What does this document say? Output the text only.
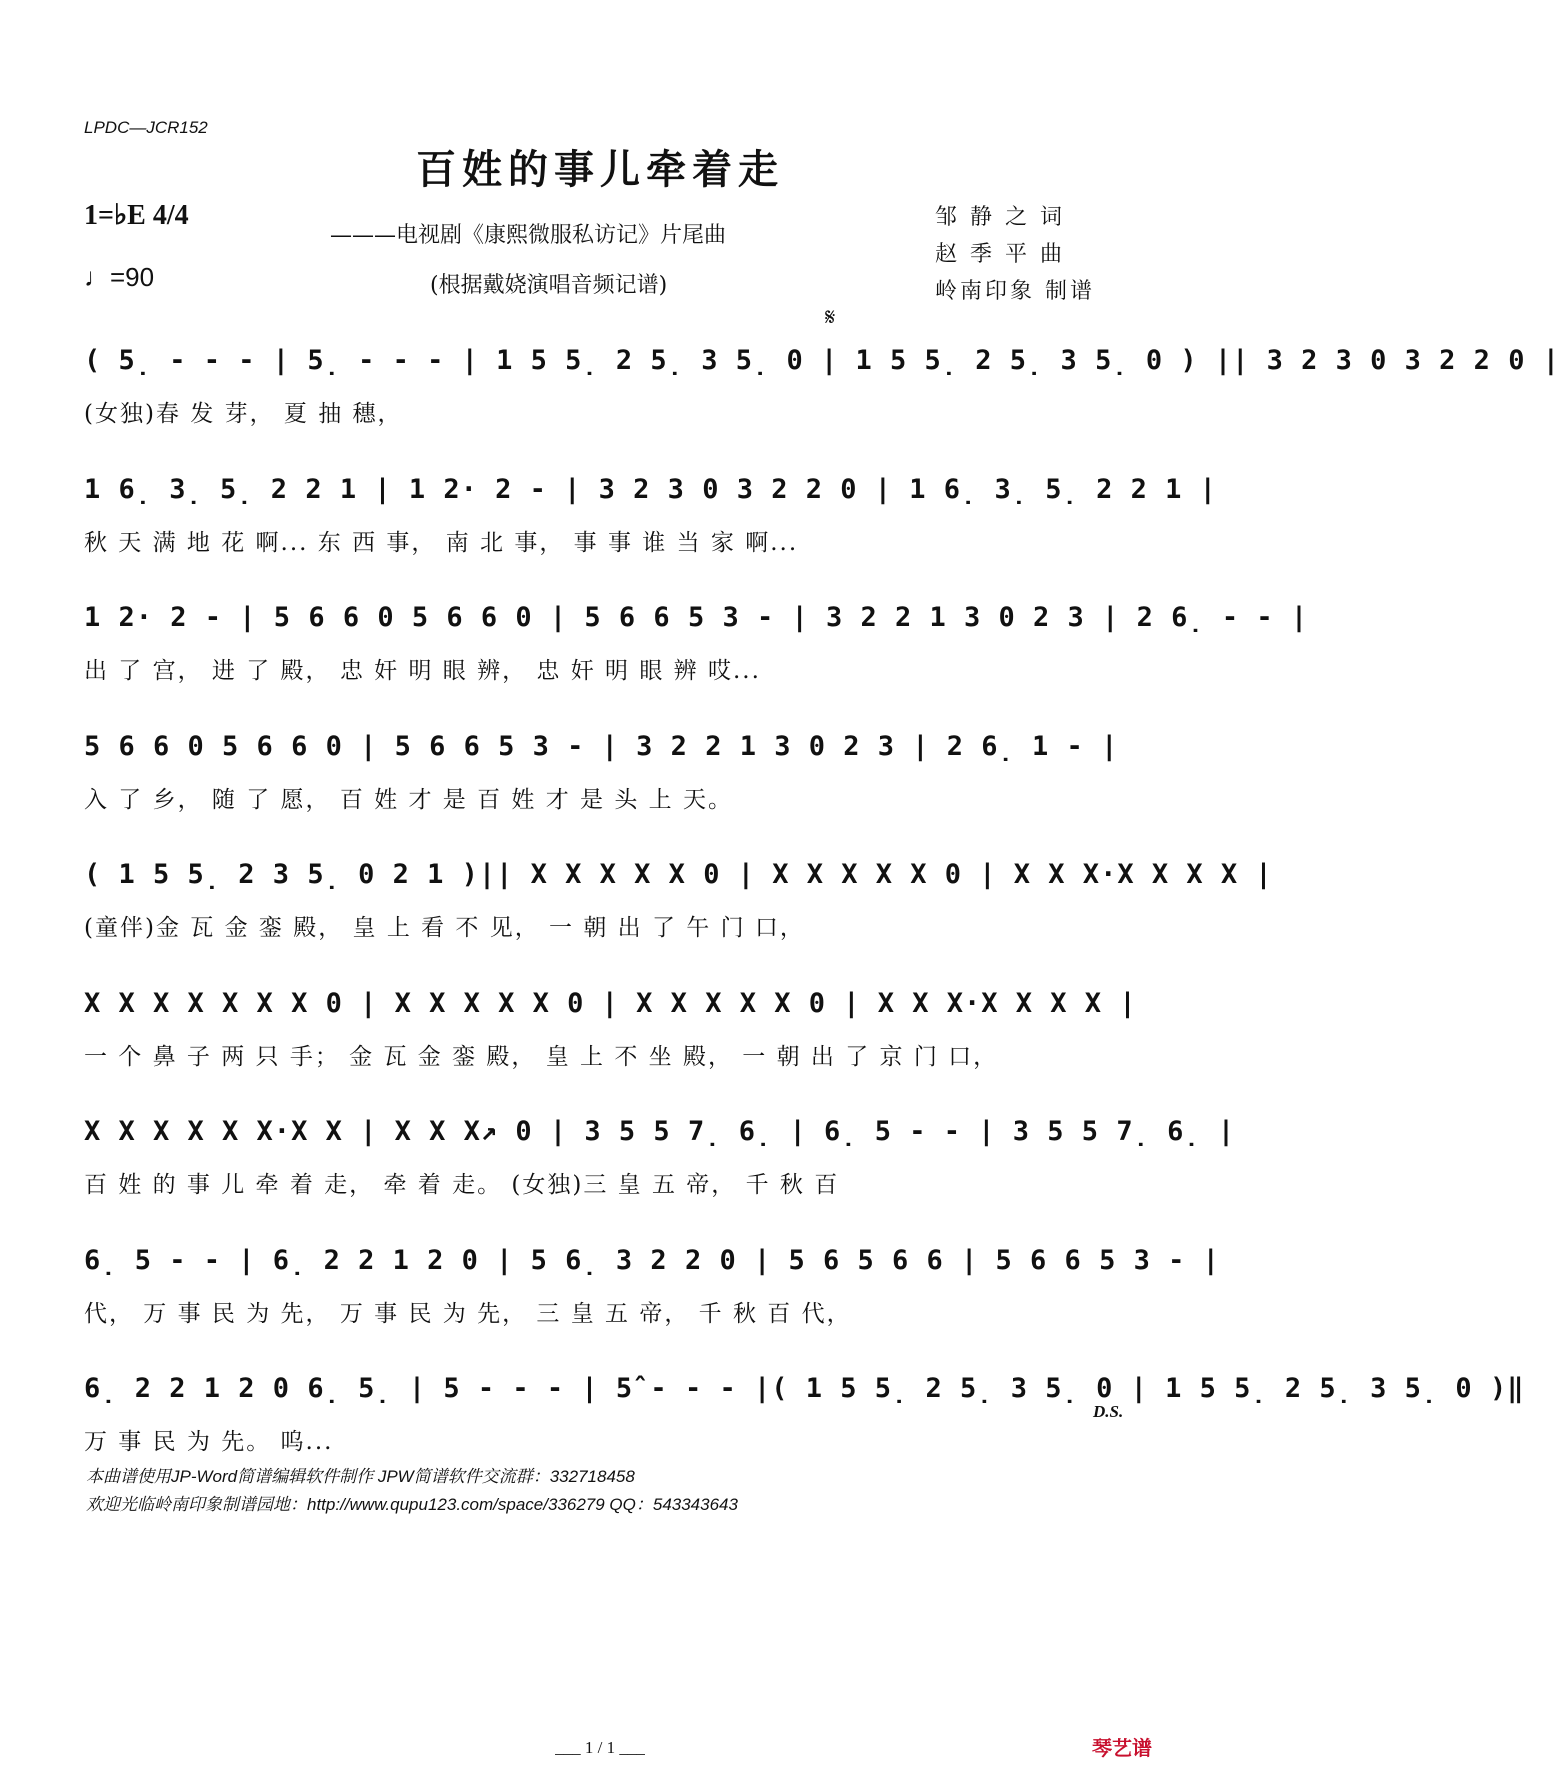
LPDC—JCR152
百姓的事儿牵着走
1=♭E 4/4
♩=90
———电视剧《康熙微服私访记》片尾曲
(根据戴娆演唱音频记谱)
邹 静 之 词
赵 季 平 曲
岭南印象 制谱
𝄋
( 5̣ - - - | 5̣ - - - | 1 5 5̣ 2 5̣ 3 5̣ 0 | 1 5 5̣ 2 5̣ 3 5̣ 0 ) || 3 2 3 0 3 2 2 0 |
(女独)春 发 芽， 夏 抽 穗，
1 6̣ 3̣ 5̣ 2 2 1 | 1 2· 2 - | 3 2 3 0 3 2 2 0 | 1 6̣ 3̣ 5̣ 2 2 1 |
秋 天 满 地 花 啊... 东 西 事， 南 北 事， 事 事 谁 当 家 啊...
1 2· 2 - | 5 6 6 0 5 6 6 0 | 5 6 6 5 3 - | 3 2 2 1 3 0 2 3 | 2 6̣ - - |
出 了 宫， 进 了 殿， 忠 奸 明 眼 辨， 忠 奸 明 眼 辨 哎...
5 6 6 0 5 6 6 0 | 5 6 6 5 3 - | 3 2 2 1 3 0 2 3 | 2 6̣ 1 - |
入 了 乡， 随 了 愿， 百 姓 才 是 百 姓 才 是 头 上 天。
( 1 5 5̣ 2 3 5̣ 0 2 1 )|| X X X X X 0 | X X X X X 0 | X X X·X X X X |
(童伴)金 瓦 金 銮 殿， 皇 上 看 不 见， 一 朝 出 了 午 门 口，
X X X X X X X 0 | X X X X X 0 | X X X X X 0 | X X X·X X X X |
一 个 鼻 子 两 只 手； 金 瓦 金 銮 殿， 皇 上 不 坐 殿， 一 朝 出 了 京 门 口，
X X X X X X·X X | X X X↗ 0 | 3 5 5 7̣ 6̣ | 6̣ 5 - - | 3 5 5 7̣ 6̣ |
百 姓 的 事 儿 牵 着 走， 牵 着 走。 (女独)三 皇 五 帝， 千 秋 百
6̣ 5 - - | 6̣ 2 2 1 2 0 | 5 6̣ 3 2 2 0 | 5 6 5 6 6 | 5 6 6 5 3 - |
代， 万 事 民 为 先， 万 事 民 为 先， 三 皇 五 帝， 千 秋 百 代，
6̣ 2 2 1 2 0 6̣ 5̣ | 5 - - - | 5̂ - - - |( 1 5 5̣ 2 5̣ 3 5̣ 0 | 1 5 5̣ 2 5̣ 3 5̣ 0 )‖
万 事 民 为 先。 呜...
D.S.
本曲谱使用JP-Word简谱编辑软件制作 JPW简谱软件交流群：332718458
欢迎光临岭南印象制谱园地：http://www.qupu123.com/space/336279 QQ：543343643
___ 1 / 1 ___	琴艺谱
